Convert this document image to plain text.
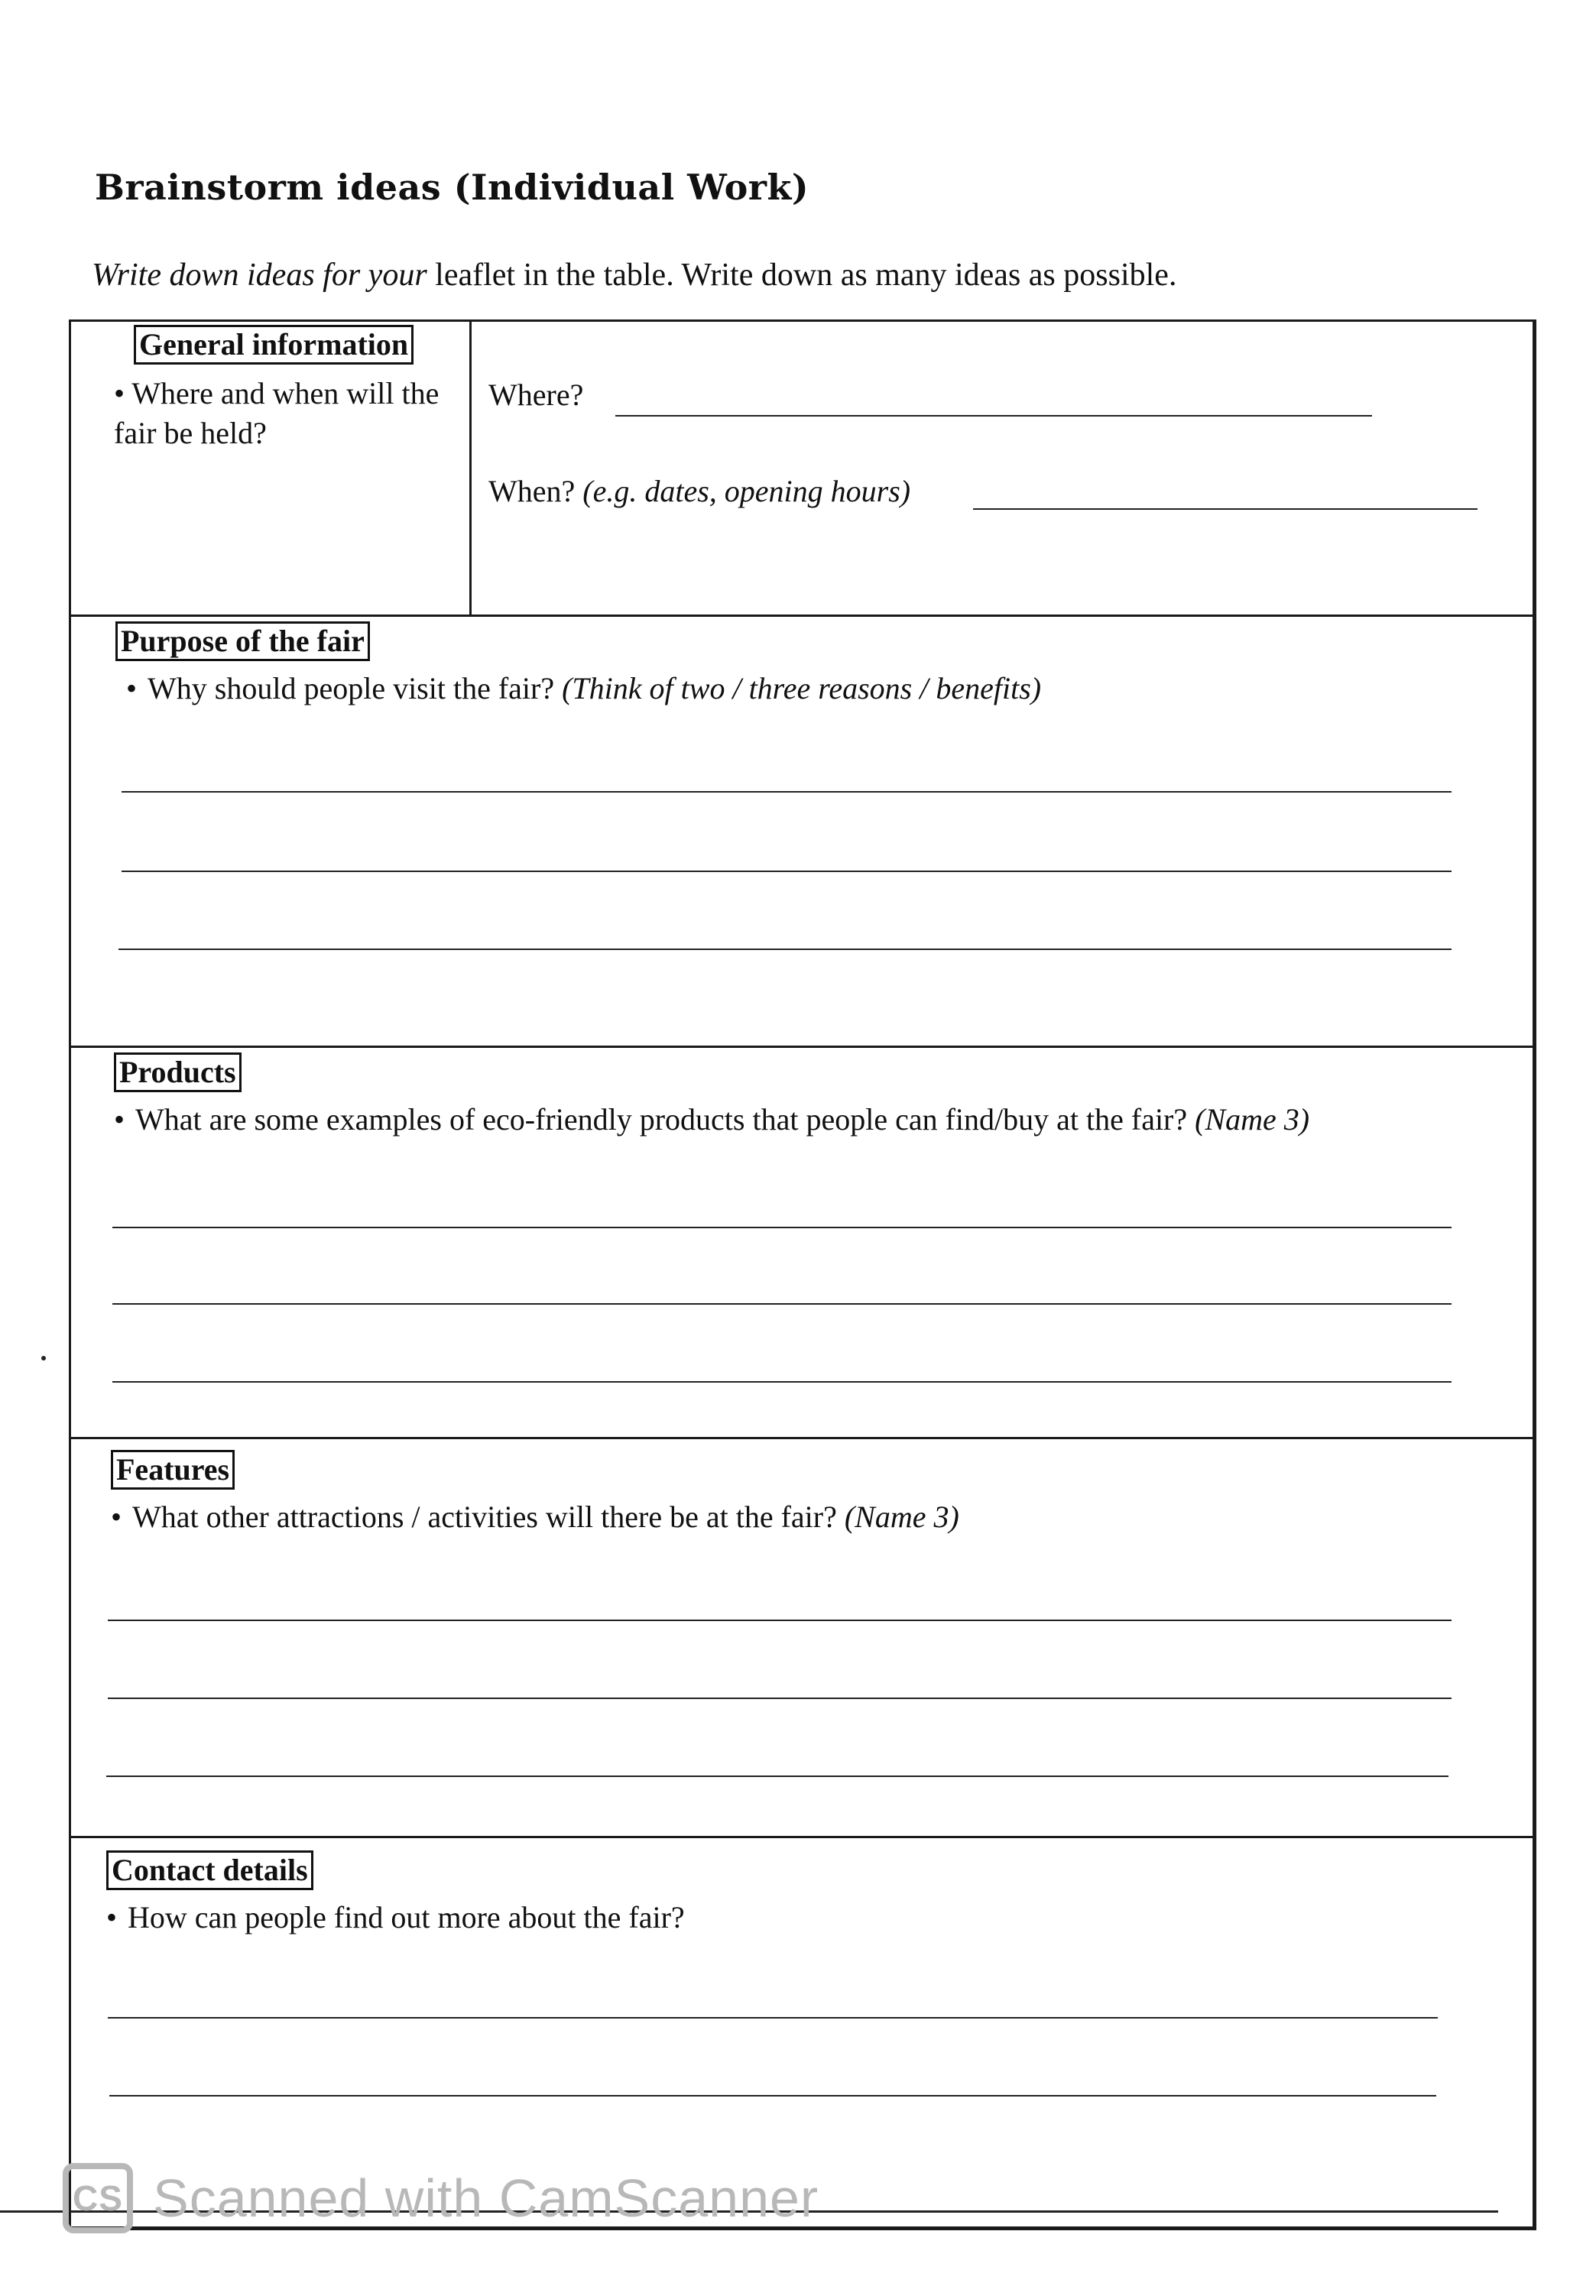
Brainstorm ideas (Individual Work)
Write down ideas for your leaflet in the table. Write down as many ideas as possible.
General information
• Where and when will the fair be held?
Where?
When? (e.g. dates, opening hours)
Purpose of the fair
• Why should people visit the fair? (Think of two / three reasons / benefits)
Products
• What are some examples of eco-friendly products that people can find/buy at the fair? (Name 3)
Features
• What other attractions / activities will there be at the fair? (Name 3)
Contact details
• How can people find out more about the fair?
CS Scanned with CamScanner
